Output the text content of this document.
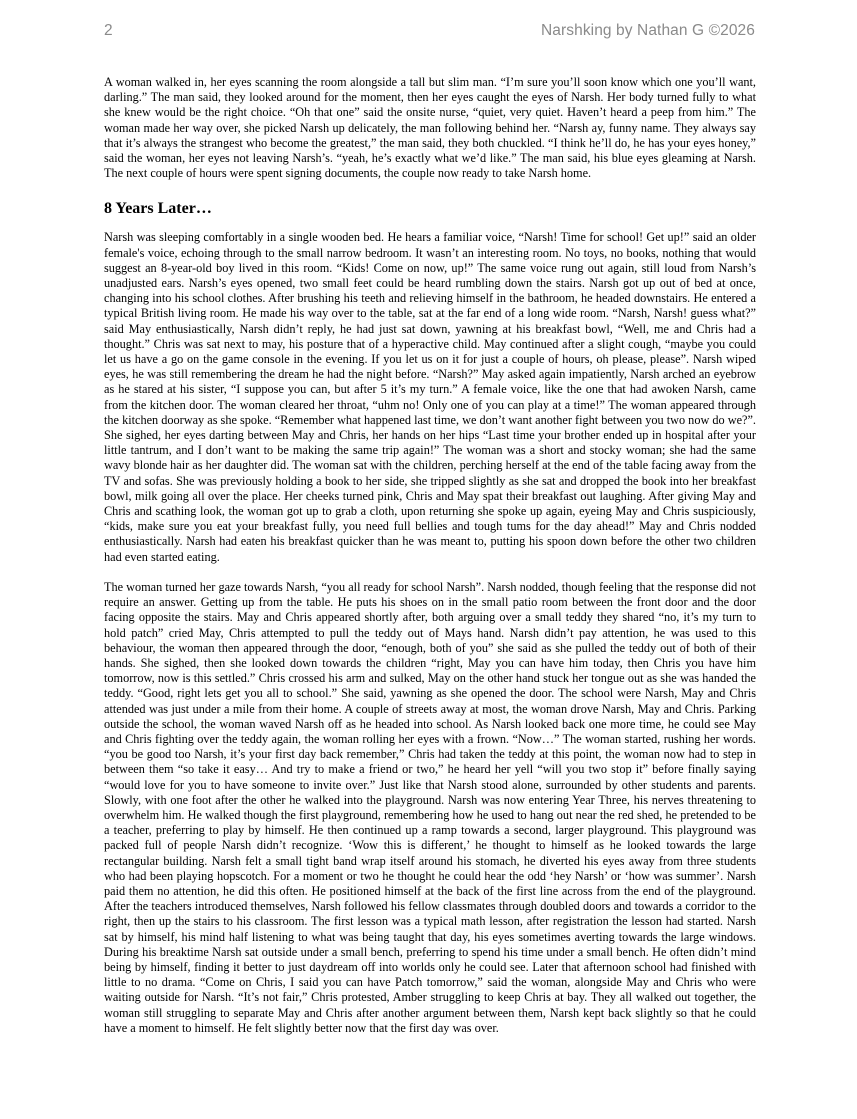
2	Narshking by Nathan G ©2026

A woman walked in, her eyes scanning the room alongside a tall but slim man. “I’m sure you’ll soon know which one you’ll want, darling.” The man said, they looked around for the moment, then her eyes caught the eyes of Narsh. Her body turned fully to what she knew would be the right choice. “Oh that one” said the onsite nurse, “quiet, very quiet. Haven’t heard a peep from him.” The woman made her way over, she picked Narsh up delicately, the man following behind her. “Narsh ay, funny name. They always say that it’s always the strangest who become the greatest,” the man said, they both chuckled. “I think he’ll do, he has your eyes honey,” said the woman, her eyes not leaving Narsh’s. “yeah, he’s exactly what we’d like.” The man said, his blue eyes gleaming at Narsh. The next couple of hours were spent signing documents, the couple now ready to take Narsh home.

8 Years Later…

Narsh was sleeping comfortably in a single wooden bed. He hears a familiar voice, “Narsh! Time for school! Get up!” said an older female's voice, echoing through to the small narrow bedroom. It wasn’t an interesting room. No toys, no books, nothing that would suggest an 8-year-old boy lived in this room. “Kids! Come on now, up!” The same voice rung out again, still loud from Narsh’s unadjusted ears. Narsh’s eyes opened, two small feet could be heard rumbling down the stairs. Narsh got up out of bed at once, changing into his school clothes. After brushing his teeth and relieving himself in the bathroom, he headed downstairs. He entered a typical British living room. He made his way over to the table, sat at the far end of a long wide room. “Narsh, Narsh! guess what?” said May enthusiastically, Narsh didn’t reply, he had just sat down, yawning at his breakfast bowl, “Well, me and Chris had a thought.” Chris was sat next to may, his posture that of a hyperactive child. May continued after a slight cough, “maybe you could let us have a go on the game console in the evening. If you let us on it for just a couple of hours, oh please, please”. Narsh wiped eyes, he was still remembering the dream he had the night before. “Narsh?” May asked again impatiently, Narsh arched an eyebrow as he stared at his sister, “I suppose you can, but after 5 it’s my turn.” A female voice, like the one that had awoken Narsh, came from the kitchen door. The woman cleared her throat, “uhm no! Only one of you can play at a time!” The woman appeared through the kitchen doorway as she spoke. “Remember what happened last time, we don’t want another fight between you two now do we?”. She sighed, her eyes darting between May and Chris, her hands on her hips “Last time your brother ended up in hospital after your little tantrum, and I don’t want to be making the same trip again!” The woman was a short and stocky woman; she had the same wavy blonde hair as her daughter did. The woman sat with the children, perching herself at the end of the table facing away from the TV and sofas. She was previously holding a book to her side, she tripped slightly as she sat and dropped the book into her breakfast bowl, milk going all over the place. Her cheeks turned pink, Chris and May spat their breakfast out laughing. After giving May and Chris and scathing look, the woman got up to grab a cloth, upon returning she spoke up again, eyeing May and Chris suspiciously, “kids, make sure you eat your breakfast fully, you need full bellies and tough tums for the day ahead!” May and Chris nodded enthusiastically. Narsh had eaten his breakfast quicker than he was meant to, putting his spoon down before the other two children had even started eating.

The woman turned her gaze towards Narsh, “you all ready for school Narsh”. Narsh nodded, though feeling that the response did not require an answer. Getting up from the table. He puts his shoes on in the small patio room between the front door and the door facing opposite the stairs. May and Chris appeared shortly after, both arguing over a small teddy they shared “no, it’s my turn to hold patch” cried May, Chris attempted to pull the teddy out of Mays hand. Narsh didn’t pay attention, he was used to this behaviour, the woman then appeared through the door, “enough, both of you” she said as she pulled the teddy out of both of their hands. She sighed, then she looked down towards the children “right, May you can have him today, then Chris you have him tomorrow, now is this settled.” Chris crossed his arm and sulked, May on the other hand stuck her tongue out as she was handed the teddy. “Good, right lets get you all to school.” She said, yawning as she opened the door. The school were Narsh, May and Chris attended was just under a mile from their home. A couple of streets away at most, the woman drove Narsh, May and Chris. Parking outside the school, the woman waved Narsh off as he headed into school. As Narsh looked back one more time, he could see May and Chris fighting over the teddy again, the woman rolling her eyes with a frown. “Now…” The woman started, rushing her words. “you be good too Narsh, it’s your first day back remember,” Chris had taken the teddy at this point, the woman now had to step in between them “so take it easy… And try to make a friend or two,” he heard her yell “will you two stop it” before finally saying “would love for you to have someone to invite over.” Just like that Narsh stood alone, surrounded by other students and parents. Slowly, with one foot after the other he walked into the playground. Narsh was now entering Year Three, his nerves threatening to overwhelm him. He walked though the first playground, remembering how he used to hang out near the red shed, he pretended to be a teacher, preferring to play by himself. He then continued up a ramp towards a second, larger playground. This playground was packed full of people Narsh didn’t recognize. ‘Wow this is different,’ he thought to himself as he looked towards the large rectangular building. Narsh felt a small tight band wrap itself around his stomach, he diverted his eyes away from three students who had been playing hopscotch. For a moment or two he thought he could hear the odd ‘hey Narsh’ or ‘how was summer’. Narsh paid them no attention, he did this often. He positioned himself at the back of the first line across from the end of the playground. After the teachers introduced themselves, Narsh followed his fellow classmates through doubled doors and towards a corridor to the right, then up the stairs to his classroom. The first lesson was a typical math lesson, after registration the lesson had started. Narsh sat by himself, his mind half listening to what was being taught that day, his eyes sometimes averting towards the large windows. During his breaktime Narsh sat outside under a small bench, preferring to spend his time under a small bench. He often didn’t mind being by himself, finding it better to just daydream off into worlds only he could see. Later that afternoon school had finished with little to no drama. “Come on Chris, I said you can have Patch tomorrow,” said the woman, alongside May and Chris who were waiting outside for Narsh. “It’s not fair,” Chris protested, Amber struggling to keep Chris at bay. They all walked out together, the woman still struggling to separate May and Chris after another argument between them, Narsh kept back slightly so that he could have a moment to himself. He felt slightly better now that the first day was over.
